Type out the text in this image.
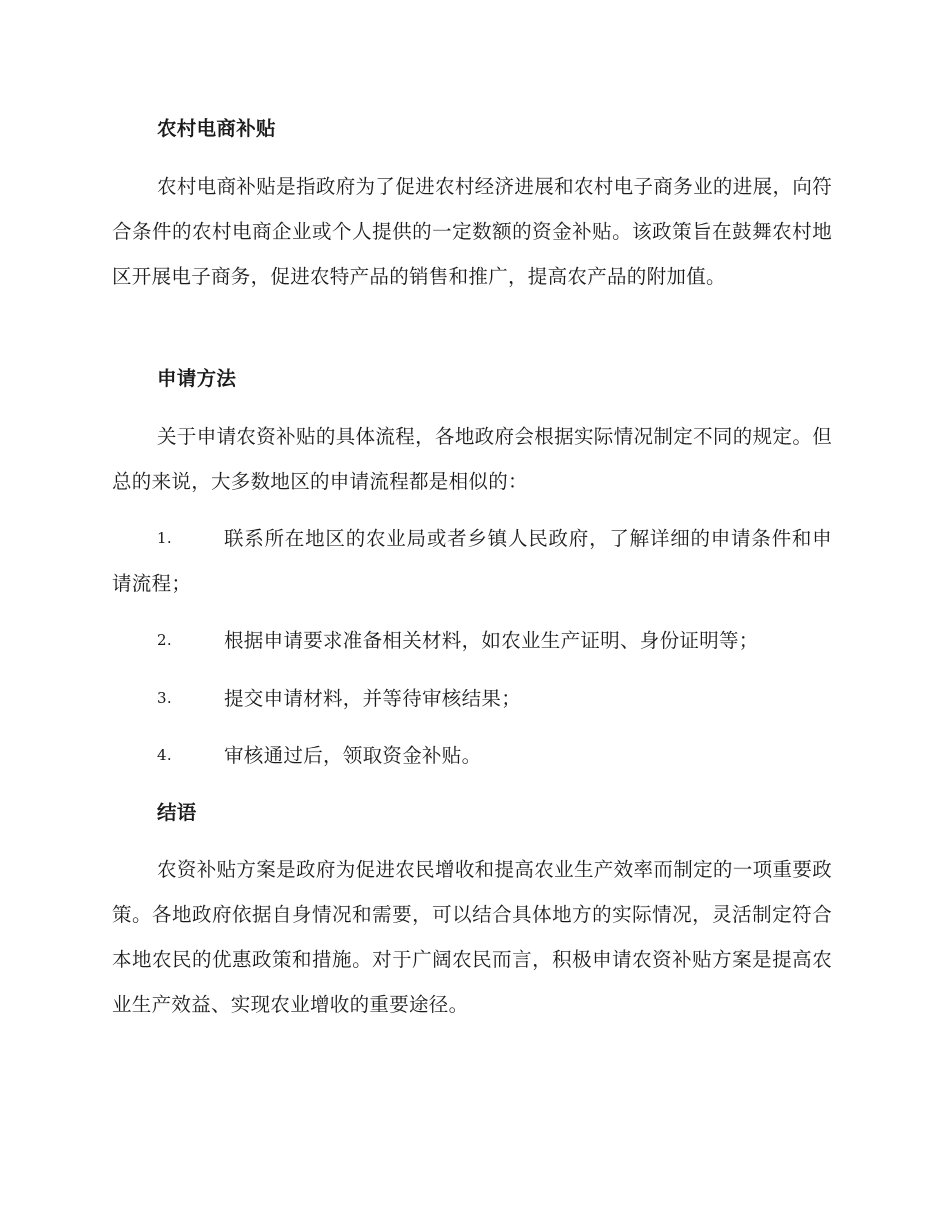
农村电商补贴

农村电商补贴是指政府为了促进农村经济进展和农村电子商务业的进展，向符合条件的农村电商企业或个人提供的一定数额的资金补贴。该政策旨在鼓舞农村地区开展电子商务，促进农特产品的销售和推广，提高农产品的附加值。

申请方法

关于申请农资补贴的具体流程，各地政府会根据实际情况制定不同的规定。但总的来说，大多数地区的申请流程都是相似的：

1.	联系所在地区的农业局或者乡镇人民政府，了解详细的申请条件和申请流程；

2.	根据申请要求准备相关材料，如农业生产证明、身份证明等；

3.	提交申请材料，并等待审核结果；

4.	审核通过后，领取资金补贴。

结语

农资补贴方案是政府为促进农民增收和提高农业生产效率而制定的一项重要政策。各地政府依据自身情况和需要，可以结合具体地方的实际情况，灵活制定符合本地农民的优惠政策和措施。对于广阔农民而言，积极申请农资补贴方案是提高农业生产效益、实现农业增收的重要途径。
